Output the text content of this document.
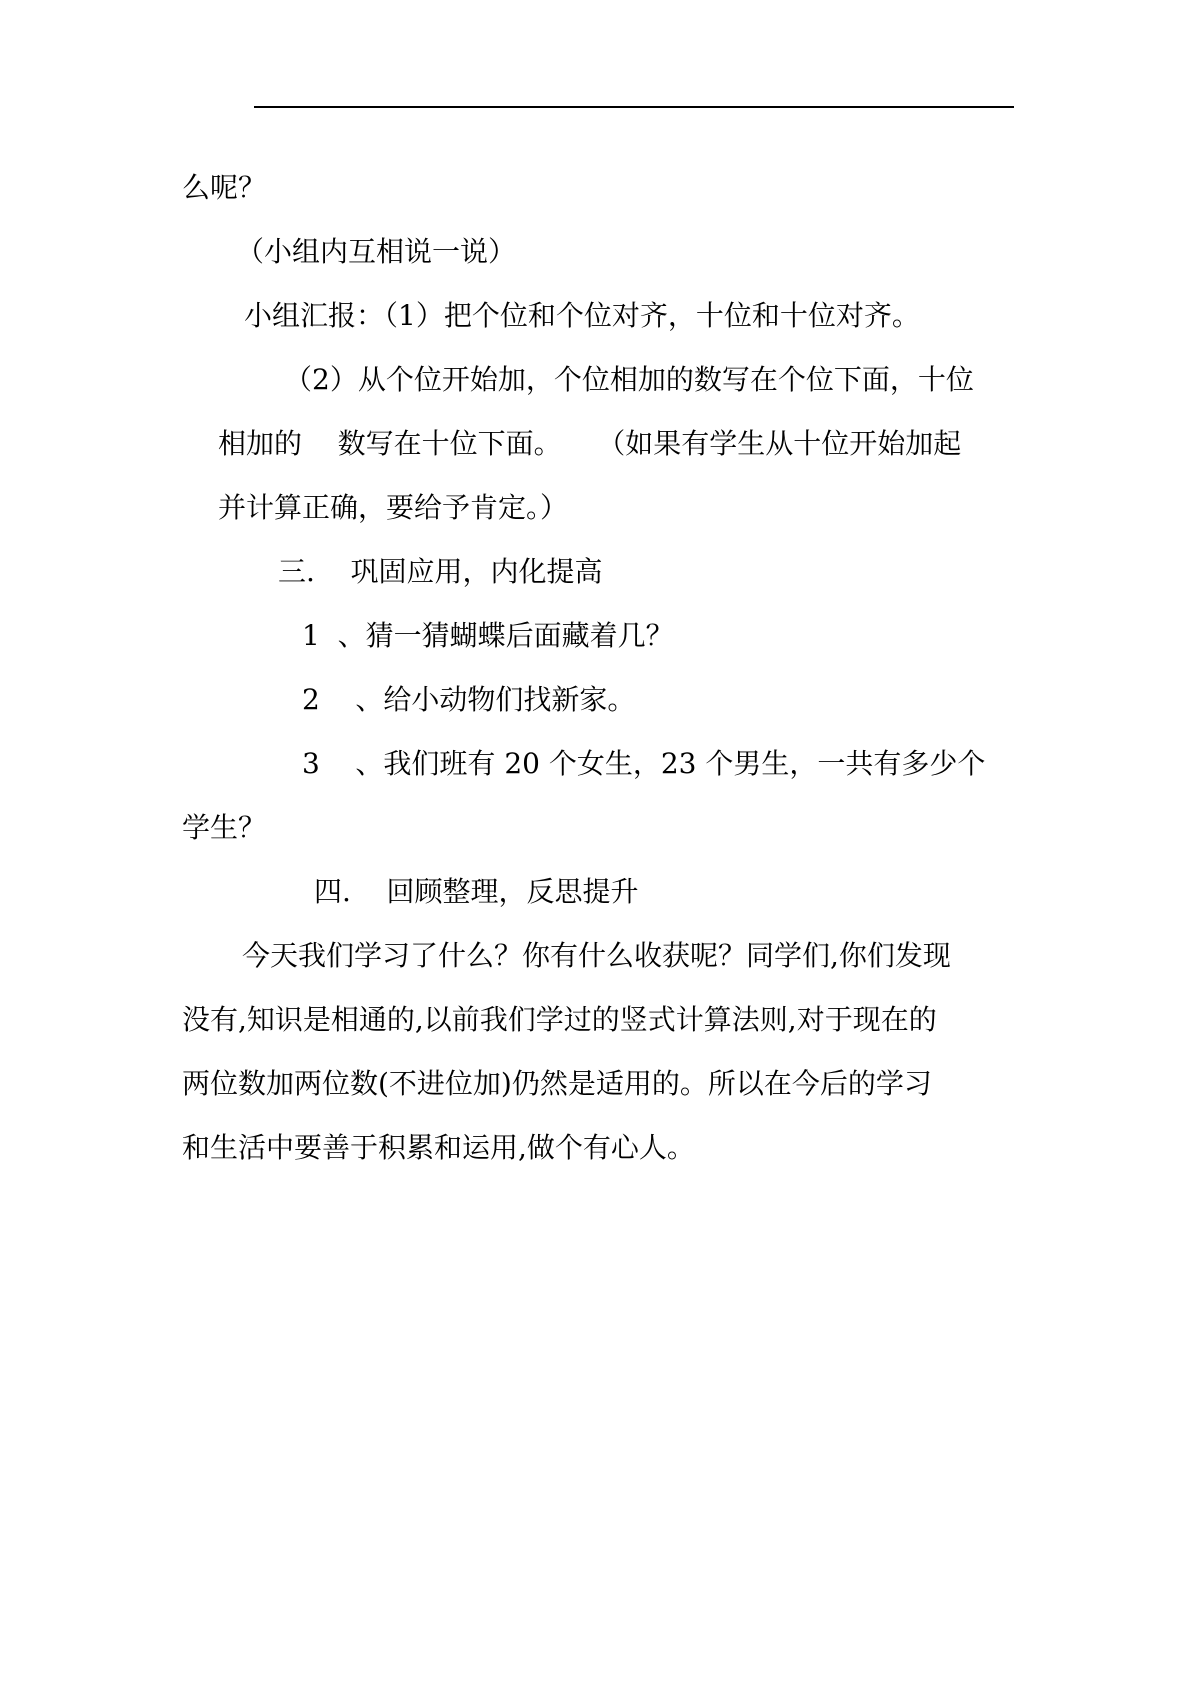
么呢？
（小组内互相说一说）
小组汇报：（1）把个位和个位对齐，十位和十位对齐。
（2）从个位开始加，个位相加的数写在个位下面，十位
相加的    数写在十位下面。    （如果有学生从十位开始加起
并计算正确，要给予肯定。）
三.    巩固应用，内化提高
1  、猜一猜蝴蝶后面藏着几？
2    、给小动物们找新家。
3    、我们班有 20 个女生，23 个男生，一共有多少个
学生？
四.    回顾整理，反思提升
今天我们学习了什么？你有什么收获呢？同学们,你们发现
没有,知识是相通的,以前我们学过的竖式计算法则,对于现在的
两位数加两位数(不进位加)仍然是适用的。所以在今后的学习
和生活中要善于积累和运用,做个有心人。
